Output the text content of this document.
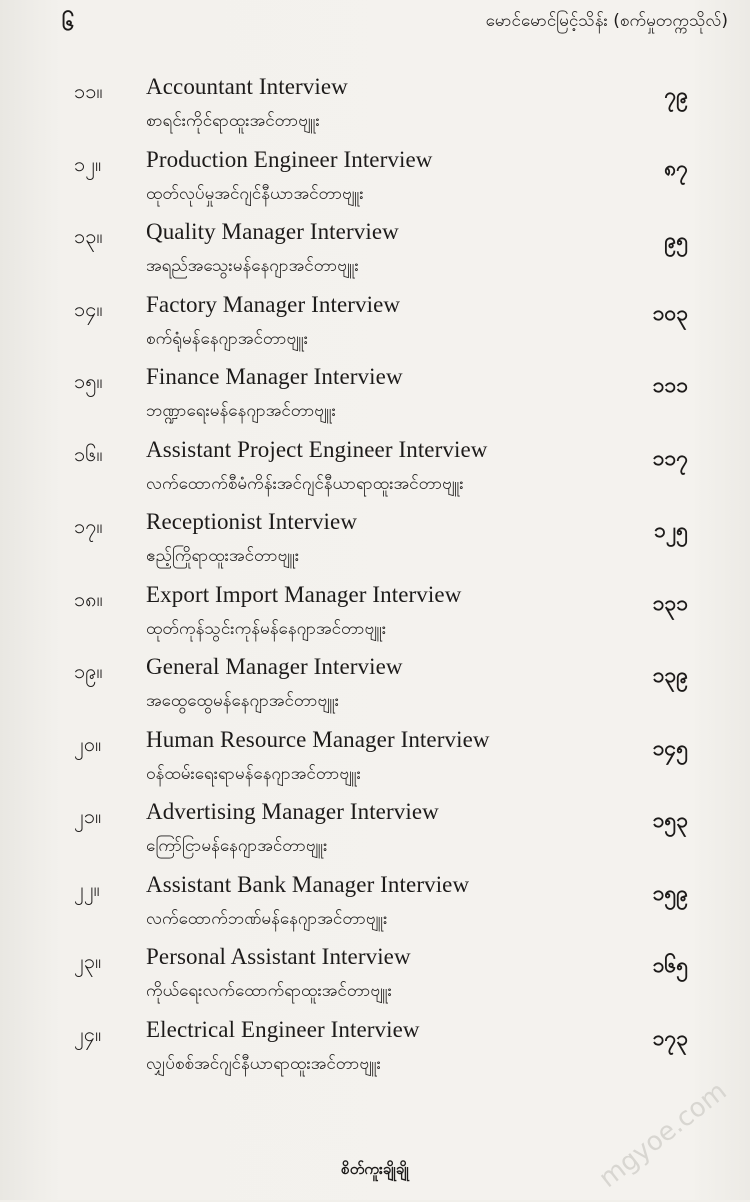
၆	မောင်မောင်မြင့်သိန်း (စက်မှုတက္ကသိုလ်)
၁၁။	Accountant Interview
စာရင်းကိုင်ရာထူးအင်တာဗျူး
၇၉
၁၂။	Production Engineer Interview
ထုတ်လုပ်မှုအင်ဂျင်နီယာအင်တာဗျူး
၈၇
၁၃။	Quality Manager Interview
အရည်အသွေးမန်နေဂျာအင်တာဗျူး
၉၅
၁၄။	Factory Manager Interview
စက်ရုံမန်နေဂျာအင်တာဗျူး
၁၀၃
၁၅။	Finance Manager Interview
ဘဏ္ဍာရေးမန်နေဂျာအင်တာဗျူး
၁၁၁
၁၆။	Assistant Project Engineer Interview
လက်ထောက်စီမံကိန်းအင်ဂျင်နီယာရာထူးအင်တာဗျူး
၁၁၇
၁၇။	Receptionist Interview
ဧည့်ကြိုရာထူးအင်တာဗျူး
၁၂၅
၁၈။	Export Import Manager Interview
ထုတ်ကုန်သွင်းကုန်မန်နေဂျာအင်တာဗျူး
၁၃၁
၁၉။	General Manager Interview
အထွေထွေမန်နေဂျာအင်တာဗျူး
၁၃၉
၂၀။	Human Resource Manager Interview
ဝန်ထမ်းရေးရာမန်နေဂျာအင်တာဗျူး
၁၄၅
၂၁။	Advertising Manager Interview
ကြော်ငြာမန်နေဂျာအင်တာဗျူး
၁၅၃
၂၂။	Assistant Bank Manager Interview
လက်ထောက်ဘဏ်မန်နေဂျာအင်တာဗျူး
၁၅၉
၂၃။	Personal Assistant Interview
ကိုယ်ရေးလက်ထောက်ရာထူးအင်တာဗျူး
၁၆၅
၂၄။	Electrical Engineer Interview
လျှပ်စစ်အင်ဂျင်နီယာရာထူးအင်တာဗျူး
၁၇၃
စိတ်ကူးချိုချို	mgyoe.com
